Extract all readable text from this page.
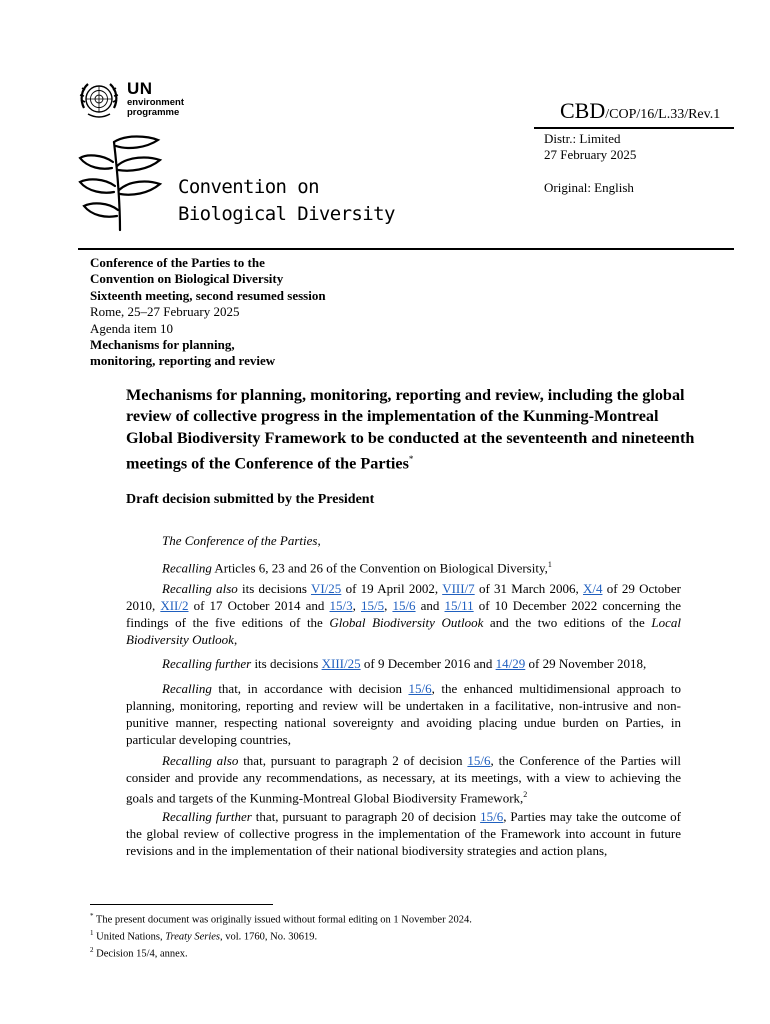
UN
environment
programme
Convention on
Biological Diversity
CBD/COP/16/L.33/Rev.1
Distr.: Limited
27 February 2025
Original: English
Conference of the Parties to the
Convention on Biological Diversity
Sixteenth meeting, second resumed session
Rome, 25–27 February 2025
Agenda item 10
Mechanisms for planning,
monitoring, reporting and review
Mechanisms for planning, monitoring, reporting and review, including the global review of collective progress in the implementation of the Kunming-Montreal Global Biodiversity Framework to be conducted at the seventeenth and nineteenth meetings of the Conference of the Parties*
Draft decision submitted by the President
The Conference of the Parties,
Recalling Articles 6, 23 and 26 of the Convention on Biological Diversity,$^1$
Recalling also its decisions VI/25 of 19 April 2002, VIII/7 of 31 March 2006, X/4 of 29 October 2010, XII/2 of 17 October 2014 and 15/3, 15/5, 15/6 and 15/11 of 10 December 2022 concerning the findings of the five editions of the Global Biodiversity Outlook and the two editions of the Local Biodiversity Outlook,
Recalling further its decisions XIII/25 of 9 December 2016 and 14/29 of 29 November 2018,
Recalling that, in accordance with decision 15/6, the enhanced multidimensional approach to planning, monitoring, reporting and review will be undertaken in a facilitative, non-intrusive and non-punitive manner, respecting national sovereignty and avoiding placing undue burden on Parties, in particular developing countries,
Recalling also that, pursuant to paragraph 2 of decision 15/6, the Conference of the Parties will consider and provide any recommendations, as necessary, at its meetings, with a view to achieving the goals and targets of the Kunming-Montreal Global Biodiversity Framework,$^2$
Recalling further that, pursuant to paragraph 20 of decision 15/6, Parties may take the outcome of the global review of collective progress in the implementation of the Framework into account in future revisions and in the implementation of their national biodiversity strategies and action plans,
* The present document was originally issued without formal editing on 1 November 2024.
$^1$ United Nations, Treaty Series, vol. 1760, No. 30619.
$^2$ Decision 15/4, annex.
